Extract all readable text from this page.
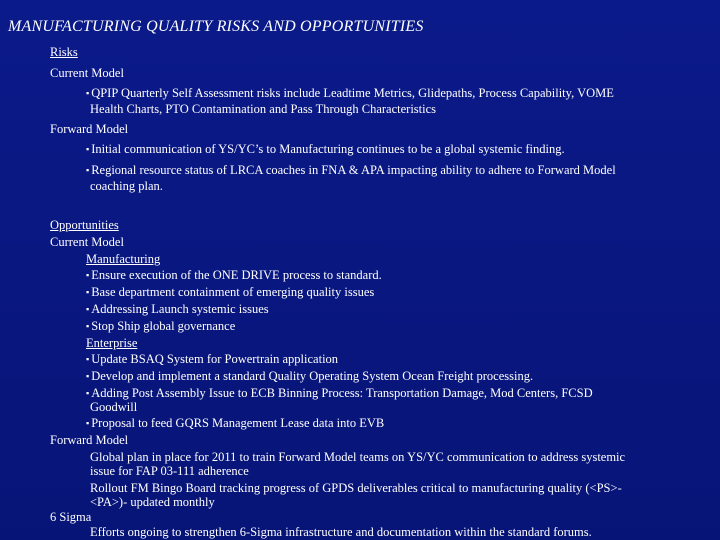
MANUFACTURING QUALITY RISKS AND OPPORTUNITIES
Risks
Current Model
▪ QPIP Quarterly Self Assessment risks include Leadtime Metrics, Glidepaths, Process Capability, VOME
Health Charts, PTO Contamination and Pass Through Characteristics
Forward Model
▪ Initial communication of YS/YC’s to Manufacturing continues to be a global systemic finding.
▪ Regional resource status of LRCA coaches in FNA & APA impacting ability to adhere to Forward Model
coaching plan.
Opportunities
Current Model
Manufacturing
▪ Ensure execution of the ONE DRIVE process to standard.
▪ Base department containment of emerging quality issues
▪ Addressing Launch systemic issues
▪ Stop Ship global governance
Enterprise
▪ Update BSAQ System for Powertrain application
▪ Develop and implement a standard Quality Operating System Ocean Freight processing.
▪ Adding Post Assembly Issue to ECB Binning Process: Transportation Damage, Mod Centers, FCSD
Goodwill
▪ Proposal to feed GQRS Management Lease data into EVB
Forward Model
Global plan in place for 2011 to train Forward Model teams on YS/YC communication to address systemic
issue for FAP 03-111 adherence
Rollout FM Bingo Board tracking progress of GPDS deliverables critical to manufacturing quality (<PS>-
<PA>)- updated monthly
6 Sigma
Efforts ongoing to strengthen 6-Sigma infrastructure and documentation within the standard forums.
